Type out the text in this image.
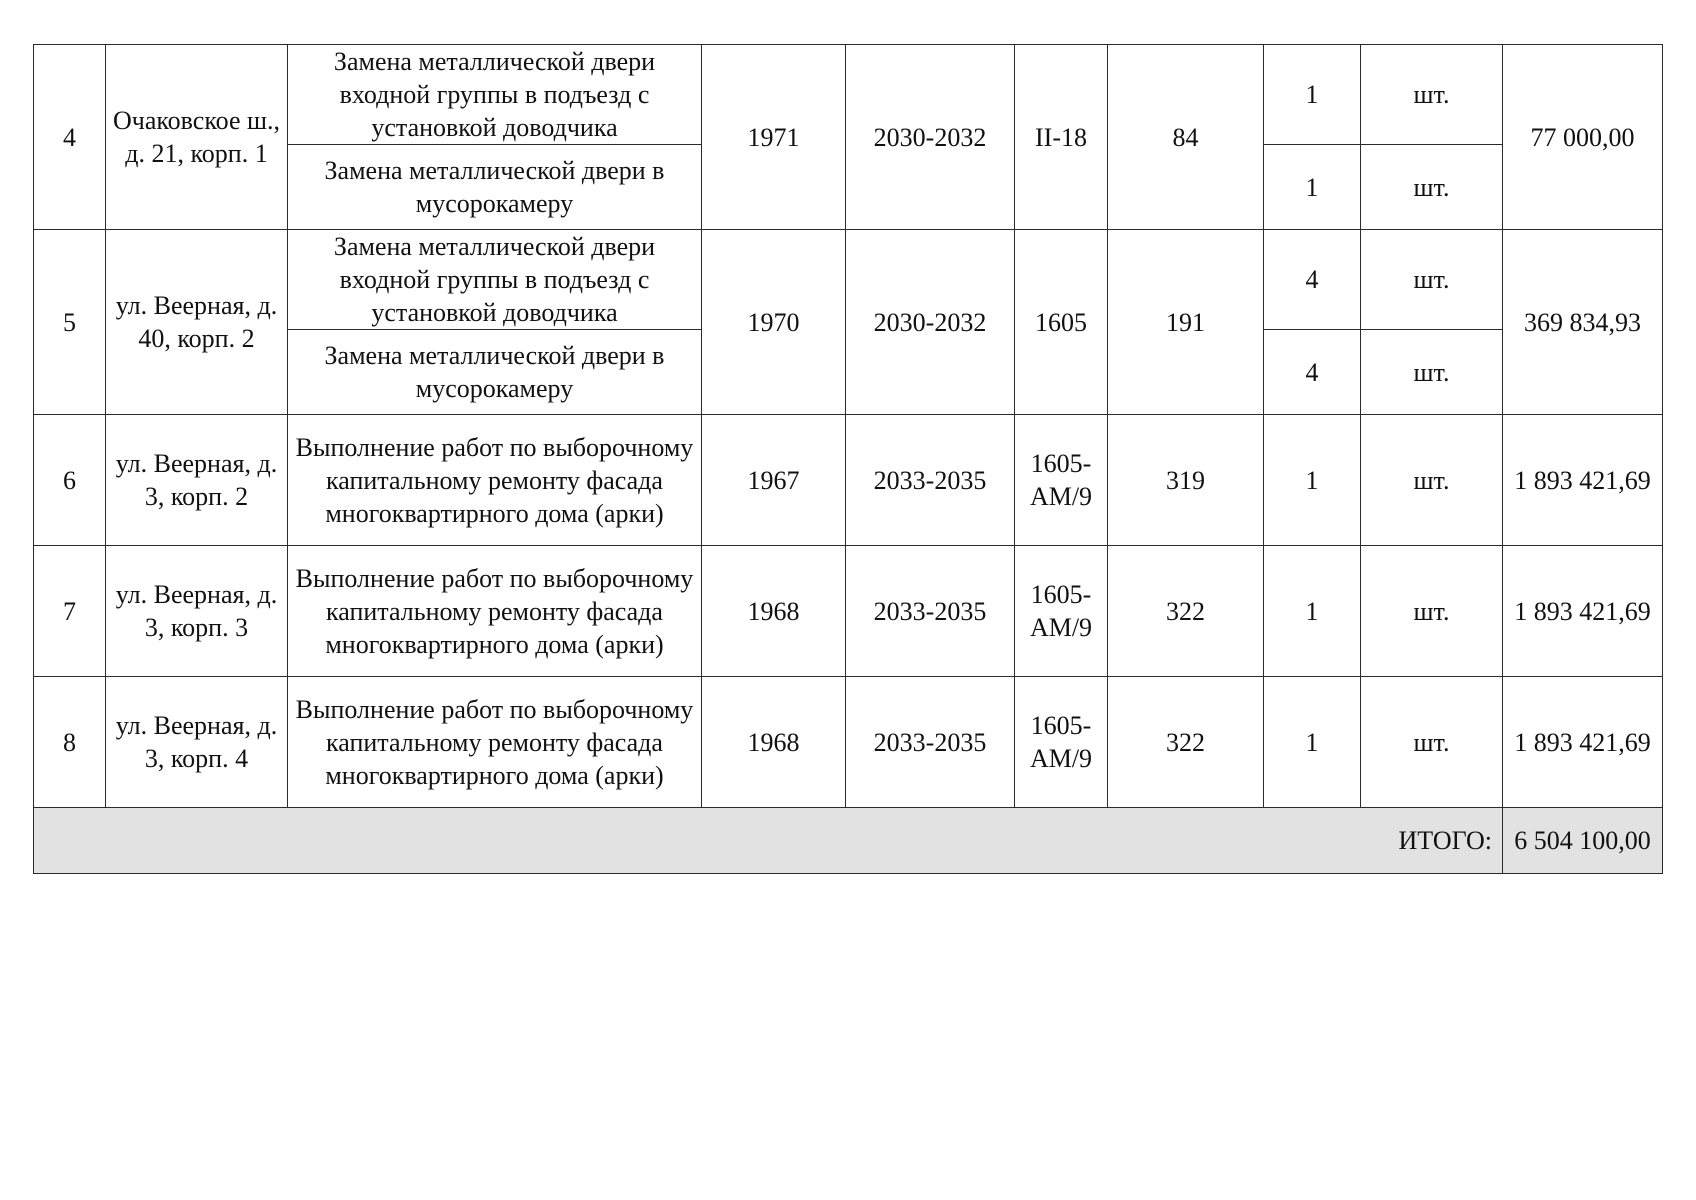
4	Очаковское ш., д. 21, корп. 1	Замена металлической двери входной группы в подъезд с установкой доводчика	1971	2030-2032	II-18	84	1	шт.	77 000,00
		Замена металлической двери в мусорокамеру					1	шт.	
5	ул. Веерная, д. 40, корп. 2	Замена металлической двери входной группы в подъезд с установкой доводчика	1970	2030-2032	1605	191	4	шт.	369 834,93
		Замена металлической двери в мусорокамеру					4	шт.	
6	ул. Веерная, д. 3, корп. 2	Выполнение работ по выборочному капитальному ремонту фасада многоквартирного дома (арки)	1967	2033-2035	1605-АМ/9	319	1	шт.	1 893 421,69
7	ул. Веерная, д. 3, корп. 3	Выполнение работ по выборочному капитальному ремонту фасада многоквартирного дома (арки)	1968	2033-2035	1605-АМ/9	322	1	шт.	1 893 421,69
8	ул. Веерная, д. 3, корп. 4	Выполнение работ по выборочному капитальному ремонту фасада многоквартирного дома (арки)	1968	2033-2035	1605-АМ/9	322	1	шт.	1 893 421,69
ИТОГО:									6 504 100,00
